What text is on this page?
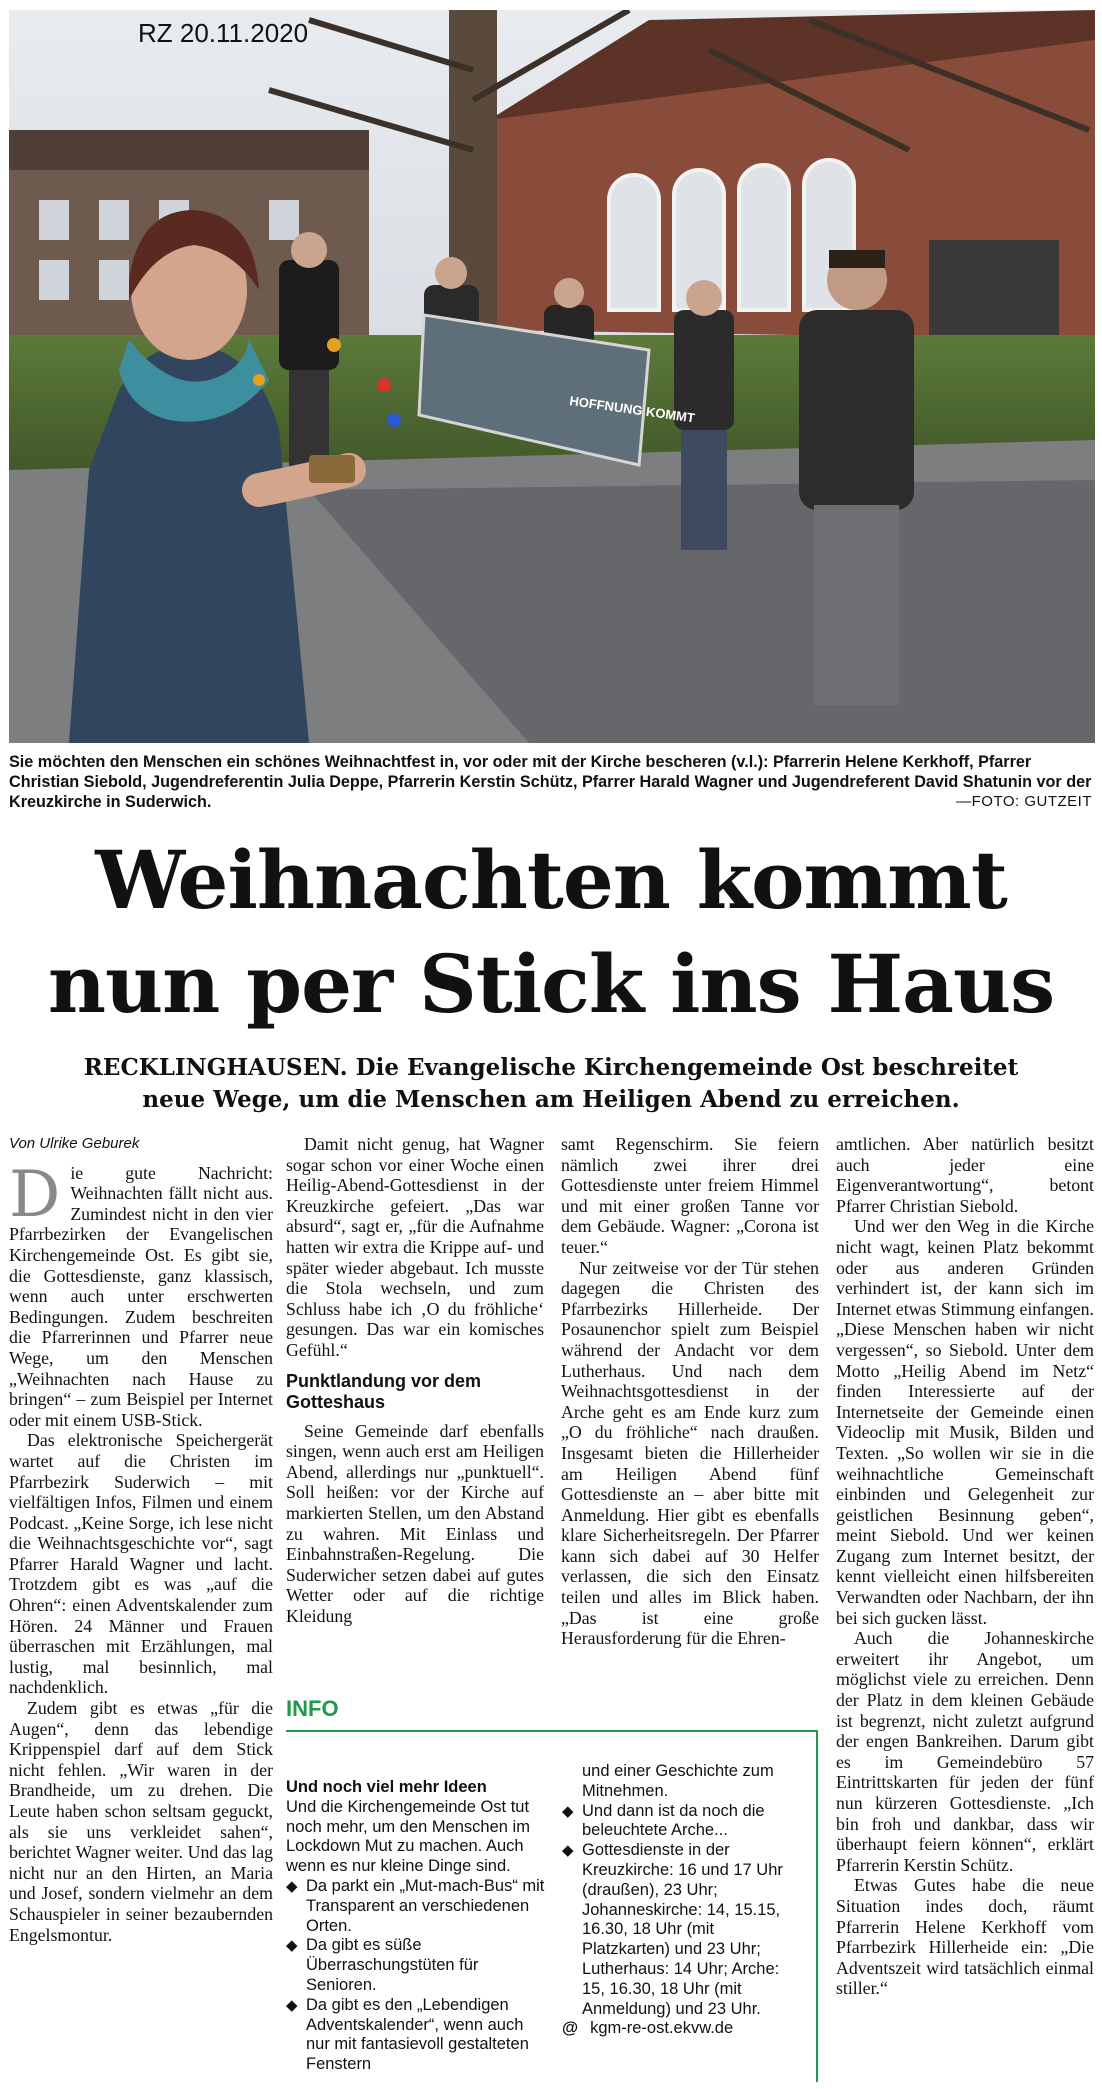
HOFFNUNG KOMMT
RZ 20.11.2020
Sie möchten den Menschen ein schönes Weihnachtfest in, vor oder mit der Kirche bescheren (v.l.): Pfarrerin Helene Kerkhoff, Pfarrer Christian Siebold, Jugendreferentin Julia Deppe, Pfarrerin Kerstin Schütz, Pfarrer Harald Wagner und Jugendreferent David Shatunin vor der Kreuzkirche in Suderwich.	—FOTO: GUTZEIT
Weihnachten kommt
nun per Stick ins Haus
RECKLINGHAUSEN. Die Evangelische Kirchengemeinde Ost beschreitet
neue Wege, um die Menschen am Heiligen Abend zu erreichen.
Von Ulrike Geburek

Die gute Nachricht: Weihnachten fällt nicht aus. Zumindest nicht in den vier Pfarrbezirken der Evangelischen Kirchengemeinde Ost. Es gibt sie, die Gottesdienste, ganz klassisch, wenn auch unter erschwerten Bedingungen. Zudem beschreiten die Pfarrerinnen und Pfarrer neue Wege, um den Menschen „Weihnachten nach Hause zu bringen“ – zum Beispiel per Internet oder mit einem USB-Stick.

Das elektronische Speichergerät wartet auf die Christen im Pfarrbezirk Suderwich – mit vielfältigen Infos, Filmen und einem Podcast. „Keine Sorge, ich lese nicht die Weihnachtsgeschichte vor“, sagt Pfarrer Harald Wagner und lacht. Trotzdem gibt es was „auf die Ohren“: einen Adventskalender zum Hören. 24 Männer und Frauen überraschen mit Erzählungen, mal lustig, mal besinnlich, mal nachdenklich.

Zudem gibt es etwas „für die Augen“, denn das lebendige Krippenspiel darf auf dem Stick nicht fehlen. „Wir waren in der Brandheide, um zu drehen. Die Leute haben schon seltsam geguckt, als sie uns verkleidet sahen“, berichtet Wagner weiter. Und das lag nicht nur an den Hirten, an Maria und Josef, sondern vielmehr an dem Schauspieler in seiner bezaubernden Engelsmontur.

Damit nicht genug, hat Wagner sogar schon vor einer Woche einen Heilig-Abend-Gottesdienst in der Kreuzkirche gefeiert. „Das war absurd“, sagt er, „für die Aufnahme hatten wir extra die Krippe auf- und später wieder abgebaut. Ich musste die Stola wechseln, und zum Schluss habe ich ‚O du fröhliche‘ gesungen. Das war ein komisches Gefühl.“

Punktlandung vor dem Gotteshaus

Seine Gemeinde darf ebenfalls singen, wenn auch erst am Heiligen Abend, allerdings nur „punktuell“. Soll heißen: vor der Kirche auf markierten Stellen, um den Abstand zu wahren. Mit Einlass und Einbahnstraßen-Regelung. Die Suderwicher setzen dabei auf gutes Wetter oder auf die richtige Kleidung

samt Regenschirm. Sie feiern nämlich zwei ihrer drei Gottesdienste unter freiem Himmel und mit einer großen Tanne vor dem Gebäude. Wagner: „Corona ist teuer.“

Nur zeitweise vor der Tür stehen dagegen die Christen des Pfarrbezirks Hillerheide. Der Posaunenchor spielt zum Beispiel während der Andacht vor dem Lutherhaus. Und nach dem Weihnachtsgottesdienst in der Arche geht es am Ende kurz zum „O du fröhliche“ nach draußen. Insgesamt bieten die Hillerheider am Heiligen Abend fünf Gottesdienste an – aber bitte mit Anmeldung. Hier gibt es ebenfalls klare Sicherheitsregeln. Der Pfarrer kann sich dabei auf 30 Helfer verlassen, die sich den Einsatz teilen und alles im Blick haben. „Das ist eine große Herausforderung für die Ehren-

amtlichen. Aber natürlich besitzt auch jeder eine Eigenverantwortung“, betont Pfarrer Christian Siebold.

Und wer den Weg in die Kirche nicht wagt, keinen Platz bekommt oder aus anderen Gründen verhindert ist, der kann sich im Internet etwas Stimmung einfangen. „Diese Menschen haben wir nicht vergessen“, so Siebold. Unter dem Motto „Heilig Abend im Netz“ finden Interessierte auf der Internetseite der Gemeinde einen Videoclip mit Musik, Bilden und Texten. „So wollen wir sie in die weihnachtliche Gemeinschaft einbinden und Gelegenheit zur geistlichen Besinnung geben“, meint Siebold. Und wer keinen Zugang zum Internet besitzt, der kennt vielleicht einen hilfsbereiten Verwandten oder Nachbarn, der ihn bei sich gucken lässt.

Auch die Johanneskirche erweitert ihr Angebot, um möglichst viele zu erreichen. Denn der Platz in dem kleinen Gebäude ist begrenzt, nicht zuletzt aufgrund der engen Bankreihen. Darum gibt es im Gemeindebüro 57 Eintrittskarten für jeden der fünf nun kürzeren Gottesdienste. „Ich bin froh und dankbar, dass wir überhaupt feiern können“, erklärt Pfarrerin Kerstin Schütz.

Etwas Gutes habe die neue Situation indes doch, räumt Pfarrerin Helene Kerkhoff vom Pfarrbezirk Hillerheide ein: „Die Adventszeit wird tatsächlich einmal stiller.“

INFO

Und noch viel mehr Ideen

Und die Kirchengemeinde Ost tut noch mehr, um den Menschen im Lockdown Mut zu machen. Auch wenn es nur kleine Dinge sind.

◆ Da parkt ein „Mut-mach-Bus“ mit Transparent an verschiedenen Orten.

◆ Da gibt es süße Überraschungstüten für Senioren.

◆ Da gibt es den „Lebendigen Adventskalender“, wenn auch nur mit fantasievoll gestalteten Fenstern

und einer Geschichte zum Mitnehmen.

◆ Und dann ist da noch die beleuchtete Arche...

◆ Gottesdienste in der Kreuzkirche: 16 und 17 Uhr (draußen), 23 Uhr; Johanneskirche: 14, 15.15, 16.30, 18 Uhr (mit Platzkarten) und 23 Uhr; Lutherhaus: 14 Uhr; Arche: 15, 16.30, 18 Uhr (mit Anmeldung) und 23 Uhr.

@ kgm-re-ost.ekvw.de
